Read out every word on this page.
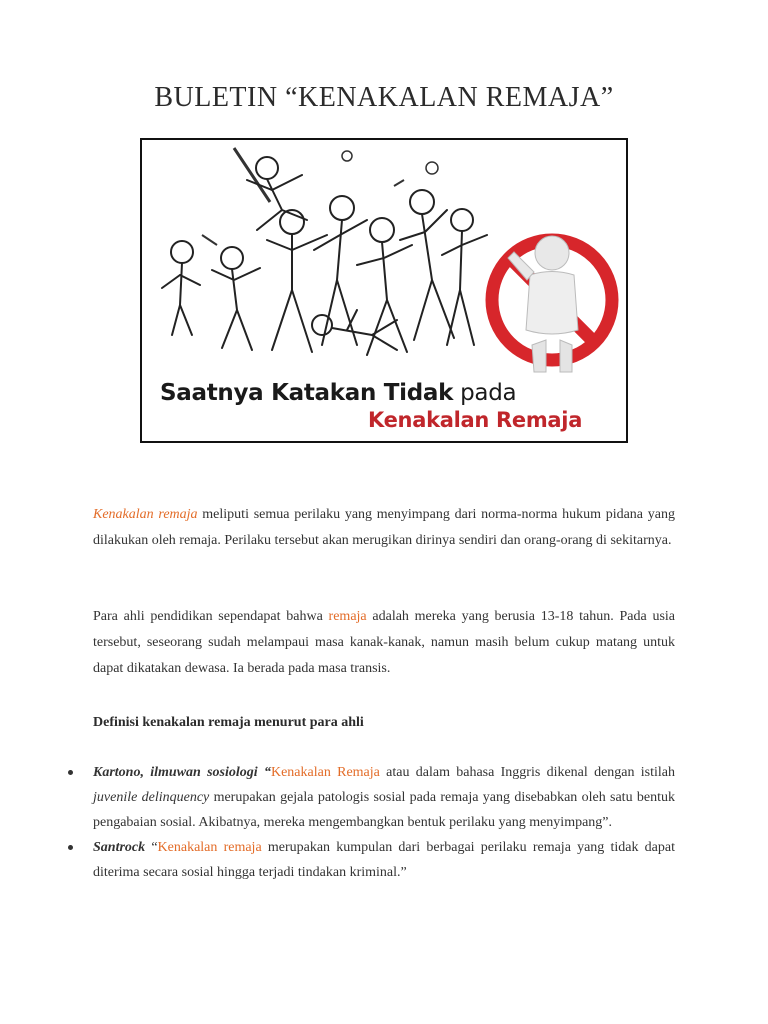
BULETIN “KENAKALAN REMAJA”
Saatnya Katakan Tidak pada
Kenakalan Remaja

Kenakalan remaja meliputi semua perilaku yang menyimpang dari norma-norma hukum pidana yang dilakukan oleh remaja. Perilaku tersebut akan merugikan dirinya sendiri dan orang-orang di sekitarnya.

Para ahli pendidikan sependapat bahwa remaja adalah mereka yang berusia 13-18 tahun. Pada usia tersebut, seseorang sudah melampaui masa kanak-kanak, namun masih belum cukup matang untuk dapat dikatakan dewasa. Ia berada pada masa transis.

Definisi kenakalan remaja menurut para ahli
Kartono, ilmuwan sosiologi “Kenakalan Remaja atau dalam bahasa Inggris dikenal dengan istilah juvenile delinquency merupakan gejala patologis sosial pada remaja yang disebabkan oleh satu bentuk pengabaian sosial. Akibatnya, mereka mengembangkan bentuk perilaku yang menyimpang”.
Santrock “Kenakalan remaja merupakan kumpulan dari berbagai perilaku remaja yang tidak dapat diterima secara sosial hingga terjadi tindakan kriminal.”
